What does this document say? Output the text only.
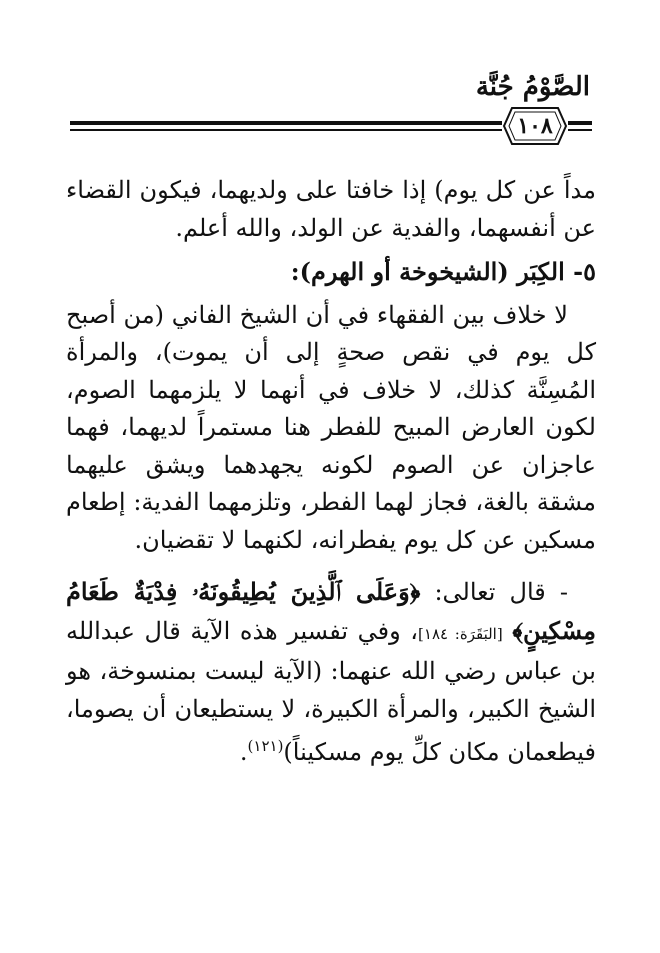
الصَّوْمُ جُنَّة
١٠٨

مداً عن كل يوم) إذا خافتا على ولديهما، فيكون القضاء عن أنفسهما، والفدية عن الولد، والله أعلم.

٥- الكِبَر (الشيخوخة أو الهرم):

لا خلاف بين الفقهاء في أن الشيخ الفاني (من أصبح كل يوم في نقص صحةٍ إلى أن يموت)، والمرأة المُسِنَّة كذلك، لا خلاف في أنهما لا يلزمهما الصوم، لكون العارض المبيح للفطر هنا مستمراً لديهما، فهما عاجزان عن الصوم لكونه يجهدهما ويشق عليهما مشقة بالغة، فجاز لهما الفطر، وتلزمهما الفدية: إطعام مسكين عن كل يوم يفطرانه، لكنهما لا تقضيان.

- قال تعالى: ﴿وَعَلَى ٱلَّذِينَ يُطِيقُونَهُۥ فِدْيَةٌ طَعَامُ مِسْكِينٍ﴾ [البَقَرَة: ١٨٤]، وفي تفسير هذه الآية قال عبدالله بن عباس رضي الله عنهما: (الآية ليست بمنسوخة، هو الشيخ الكبير، والمرأة الكبيرة، لا يستطيعان أن يصوما، فيطعمان مكان كلِّ يوم مسكيناً)$^{(١٢١)}$.
